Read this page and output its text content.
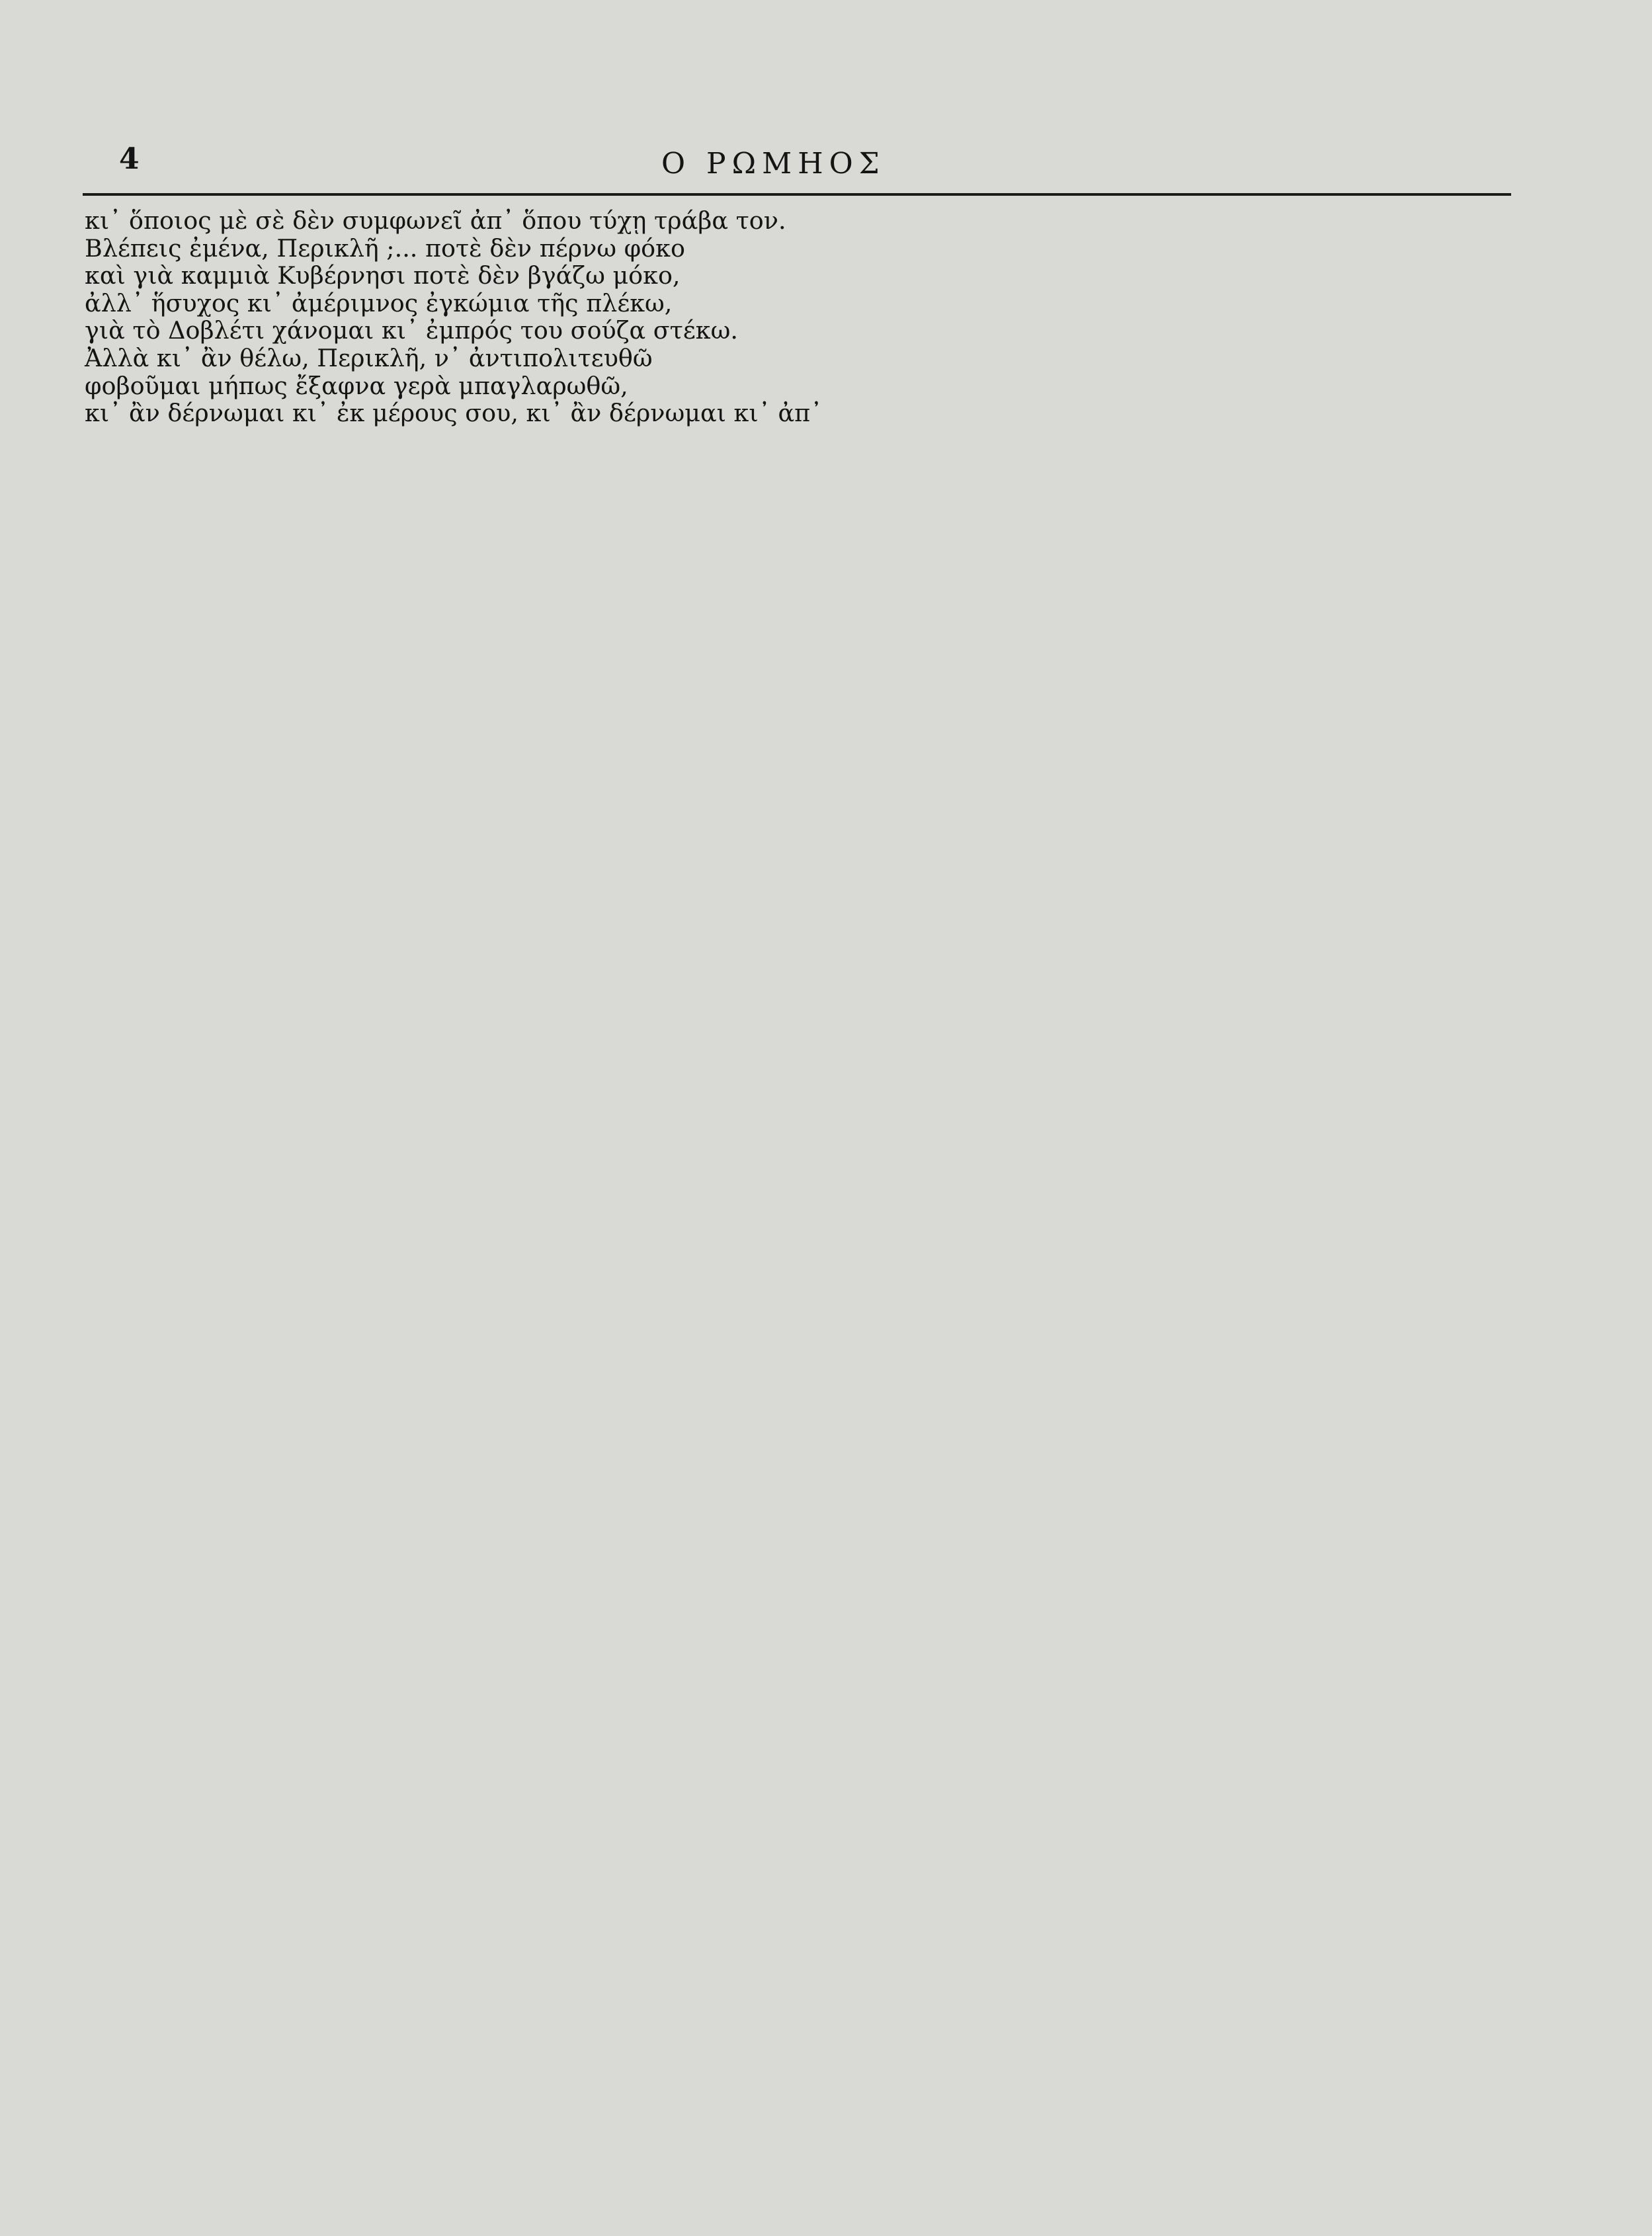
4	Ο ΡΩΜΗΟΣ

κι᾽ ὅποιος μὲ σὲ δὲν συμφωνεῖ ἀπ᾽ ὅπου τύχῃ τράβα τον.

Βλέπεις ἐμένα, Περικλῆ ;... ποτὲ δὲν πέρνω φόκο

καὶ γιὰ καμμιὰ Κυβέρνησι ποτὲ δὲν βγάζω μόκο,

ἀλλ᾽ ἥσυχος κι᾽ ἀμέριμνος ἐγκώμια τῆς πλέκω,

γιὰ τὸ Δοβλέτι χάνομαι κι᾽ ἐμπρός του σούζα στέκω.

Ἀλλὰ κι᾽ ἂν θέλω, Περικλῆ, ν᾽ ἀντιπολιτευθῶ

φοβοῦμαι μήπως ἔξαφνα γερὰ μπαγλαρωθῶ,

κι᾽ ἂν δέρνωμαι κι᾽ ἐκ μέρους σου, κι᾽ ἂν δέρνωμαι κι᾽ ἀπ᾽
